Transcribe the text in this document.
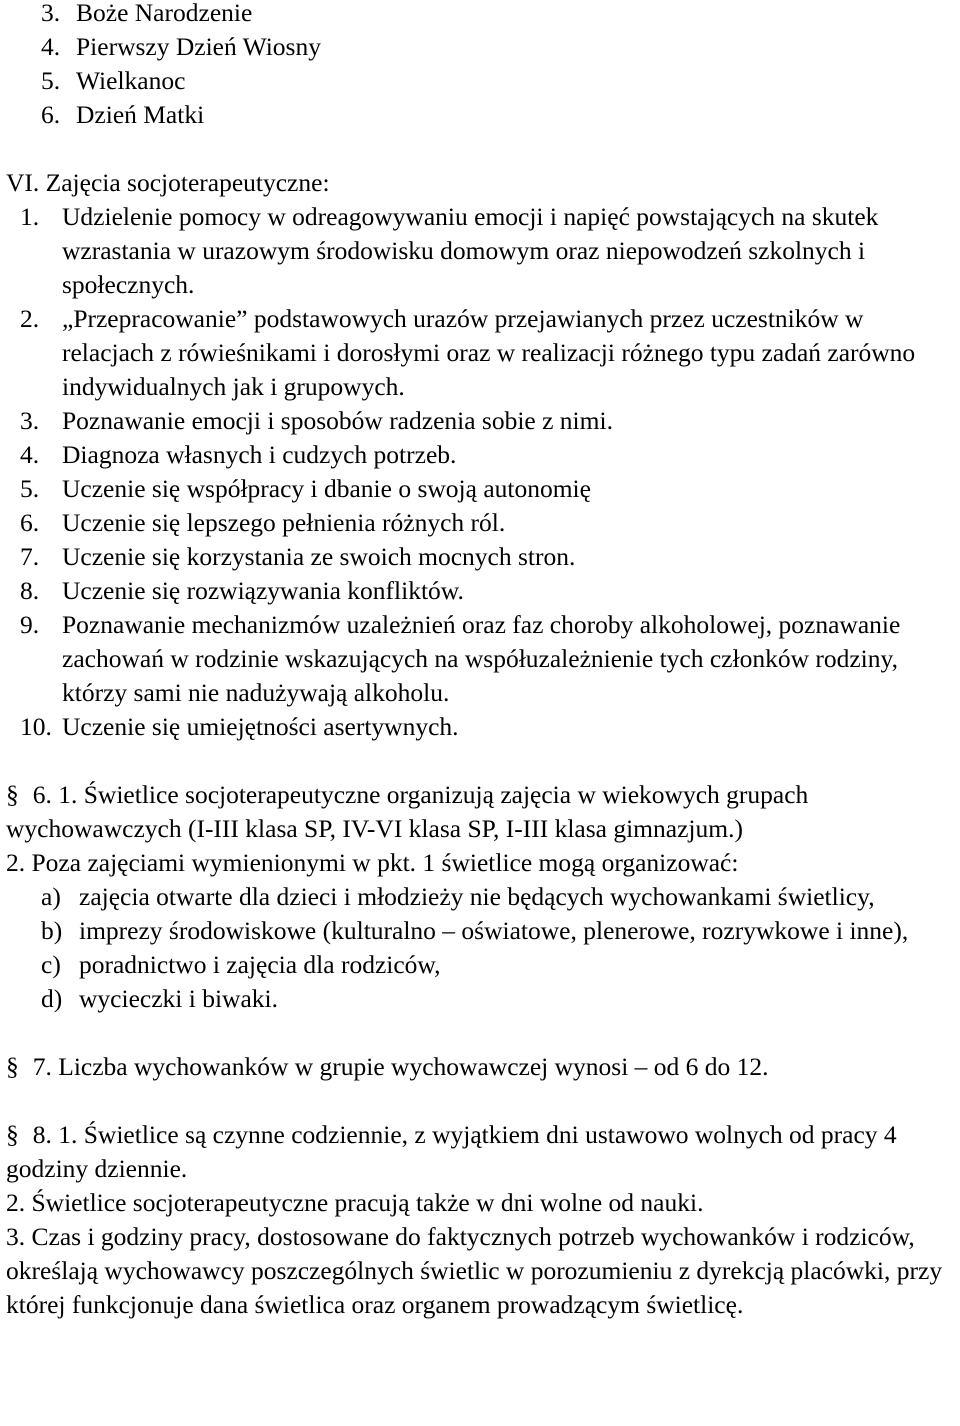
3. Boże Narodzenie
4. Pierwszy Dzień Wiosny
5. Wielkanoc
6. Dzień Matki
VI. Zajęcia socjoterapeutyczne:
1. Udzielenie pomocy w odreagowywaniu emocji i napięć powstających na skutek wzrastania w urazowym środowisku domowym oraz niepowodzeń szkolnych i społecznych.
2. „Przepracowanie” podstawowych urazów przejawianych przez uczestników w relacjach z rówieśnikami i dorosłymi oraz w realizacji różnego typu zadań zarówno indywidualnych jak i grupowych.
3. Poznawanie emocji i sposobów radzenia sobie z nimi.
4. Diagnoza własnych i cudzych potrzeb.
5. Uczenie się współpracy i dbanie o swoją autonomię
6. Uczenie się lepszego pełnienia różnych ról.
7. Uczenie się korzystania ze swoich mocnych stron.
8. Uczenie się rozwiązywania konfliktów.
9. Poznawanie mechanizmów uzależnień oraz faz choroby alkoholowej, poznawanie zachowań w rodzinie wskazujących na współuzależnienie tych członków rodziny, którzy sami nie nadużywają alkoholu.
10. Uczenie się umiejętności asertywnych.
§ 6. 1. Świetlice socjoterapeutyczne organizują zajęcia w wiekowych grupach wychowawczych (I-III klasa SP, IV-VI klasa SP, I-III klasa gimnazjum.)
2. Poza zajęciami wymienionymi w pkt. 1 świetlice mogą organizować:
a) zajęcia otwarte dla dzieci i młodzieży nie będących wychowankami świetlicy,
b) imprezy środowiskowe (kulturalno – oświatowe, plenerowe, rozrywkowe i inne),
c) poradnictwo i zajęcia dla rodziców,
d) wycieczki i biwaki.
§ 7. Liczba wychowanków w grupie wychowawczej wynosi – od 6 do 12.
§ 8. 1. Świetlice są czynne codziennie, z wyjątkiem dni ustawowo wolnych od pracy 4 godziny dziennie.
2. Świetlice socjoterapeutyczne pracują także w dni wolne od nauki.
3. Czas i godziny pracy, dostosowane do faktycznych potrzeb wychowanków i rodziców, określają wychowawcy poszczególnych świetlic w porozumieniu z dyrekcją placówki, przy której funkcjonuje dana świetlica oraz organem prowadzącym świetlicę.
